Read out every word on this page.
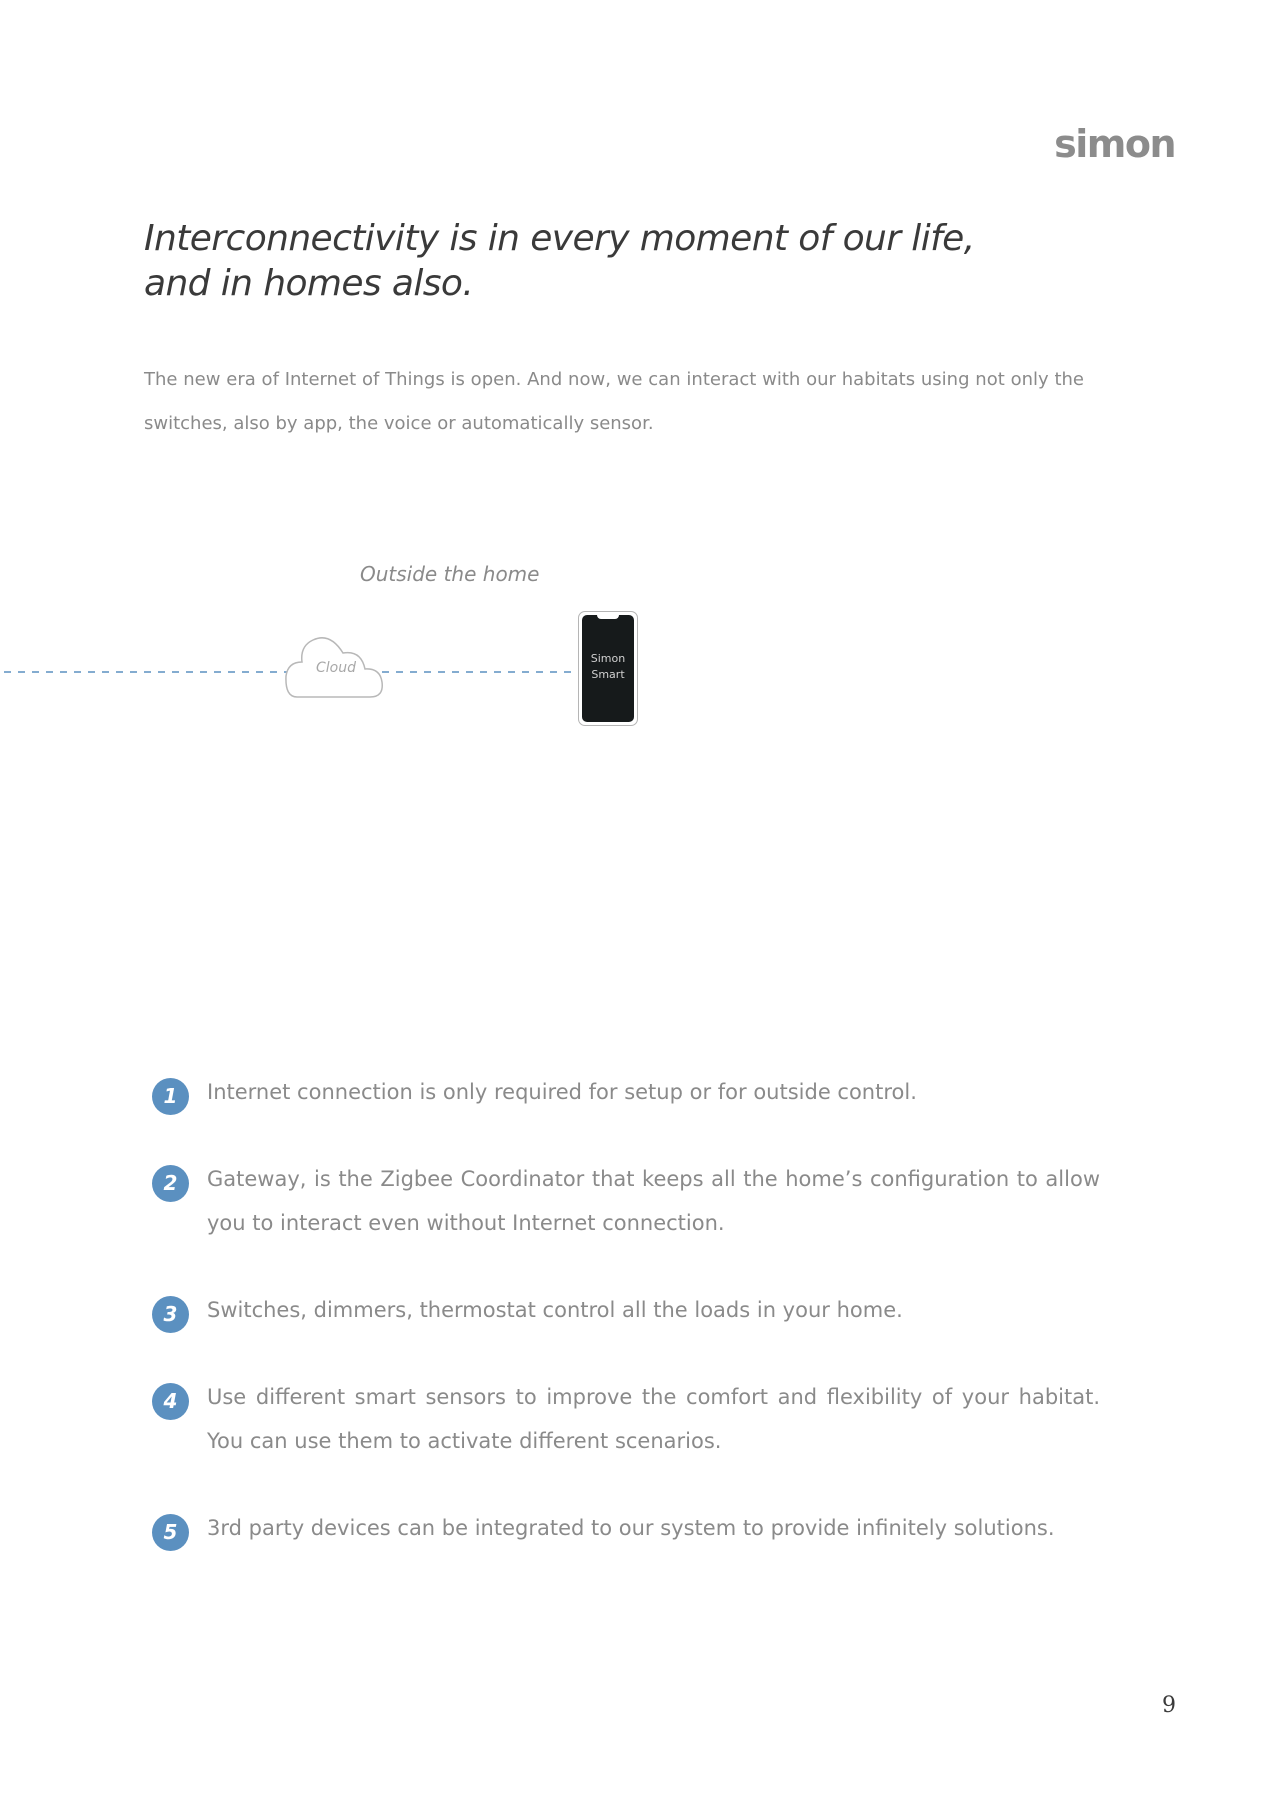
simon
Interconnectivity is in every moment of our life, and in homes also.

The new era of Internet of Things is open. And now, we can interact with our habitats using not only the switches, also by app, the voice or automatically sensor.

Outside the home
Cloud
Simon
Smart
1	Internet connection is only required for setup or for outside control.

2	Gateway, is the Zigbee Coordinator that keeps all the home’s configuration to allow you to interact even without Internet connection.

3	Switches, dimmers, thermostat control all the loads in your home.

4	Use different smart sensors to improve the comfort and flexibility of your habitat. You can use them to activate different scenarios.

5	3rd party devices can be integrated to our system to provide infinitely solutions.

9
